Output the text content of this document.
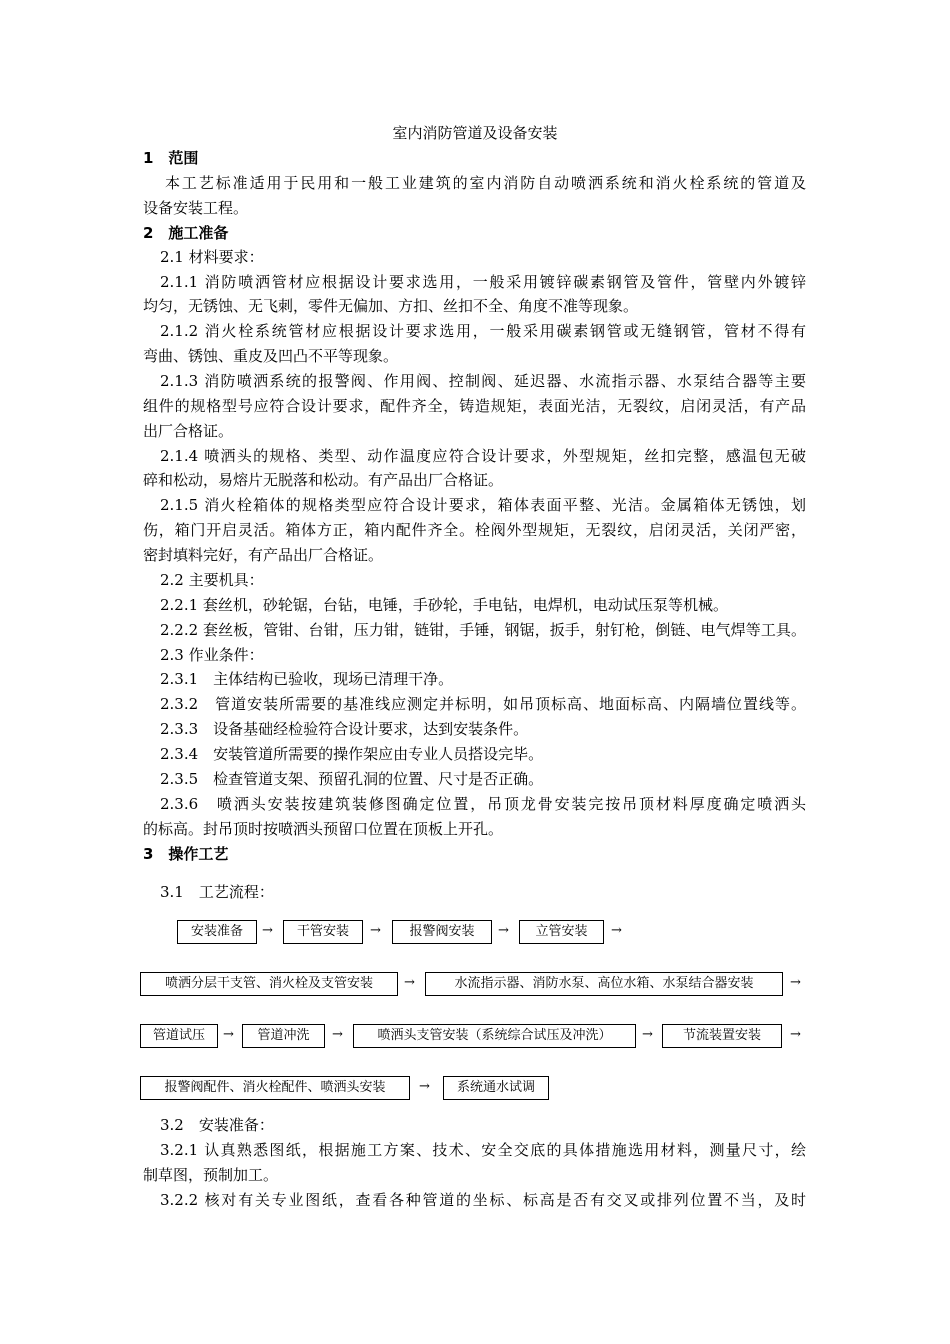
室内消防管道及设备安装
1　范围
本工艺标准适用于民用和一般工业建筑的室内消防自动喷洒系统和消火栓系统的管道及
设备安装工程。
2　施工准备
2.1 材料要求：
2.1.1 消防喷洒管材应根据设计要求选用，一般采用镀锌碳素钢管及管件，管壁内外镀锌
均匀，无锈蚀、无飞刺，零件无偏加、方扣、丝扣不全、角度不准等现象。
2.1.2 消火栓系统管材应根据设计要求选用，一般采用碳素钢管或无缝钢管，管材不得有
弯曲、锈蚀、重皮及凹凸不平等现象。
2.1.3 消防喷洒系统的报警阀、作用阀、控制阀、延迟器、水流指示器、水泵结合器等主要
组件的规格型号应符合设计要求，配件齐全，铸造规矩，表面光洁，无裂纹，启闭灵活，有产品
出厂合格证。
2.1.4 喷洒头的规格、类型、动作温度应符合设计要求，外型规矩，丝扣完整，感温包无破
碎和松动，易熔片无脱落和松动。有产品出厂合格证。
2.1.5 消火栓箱体的规格类型应符合设计要求，箱体表面平整、光洁。金属箱体无锈蚀，划
伤，箱门开启灵活。箱体方正，箱内配件齐全。栓阀外型规矩，无裂纹，启闭灵活，关闭严密，
密封填料完好，有产品出厂合格证。
2.2 主要机具：
2.2.1 套丝机，砂轮锯，台钻，电锤，手砂轮，手电钻，电焊机，电动试压泵等机械。
2.2.2 套丝板，管钳、台钳，压力钳，链钳，手锤，钢锯，扳手，射钉枪，倒链、电气焊等工具。
2.3 作业条件：
2.3.1　主体结构已验收，现场已清理干净。
2.3.2　管道安装所需要的基准线应测定并标明，如吊顶标高、地面标高、内隔墙位置线等。
2.3.3　设备基础经检验符合设计要求，达到安装条件。
2.3.4　安装管道所需要的操作架应由专业人员搭设完毕。
2.3.5　检查管道支架、预留孔洞的位置、尺寸是否正确。
2.3.6　喷洒头安装按建筑装修图确定位置，吊顶龙骨安装完按吊顶材料厚度确定喷洒头
的标高。封吊顶时按喷洒头预留口位置在顶板上开孔。
3　操作工艺
3.1　工艺流程：
安装准备	→	干管安装	→	报警阀安装	→	立管安装	→
喷洒分层干支管、消火栓及支管安装	→	水流指示器、消防水泵、高位水箱、水泵结合器安装	→
管道试压	→	管道冲洗	→	喷洒头支管安装（系统综合试压及冲洗）	→	节流装置安装	→
报警阀配件、消火栓配件、喷洒头安装	→	系统通水试调
3.2　安装准备：
3.2.1 认真熟悉图纸，根据施工方案、技术、安全交底的具体措施选用材料，测量尺寸，绘
制草图，预制加工。
3.2.2 核对有关专业图纸，查看各种管道的坐标、标高是否有交叉或排列位置不当，及时
